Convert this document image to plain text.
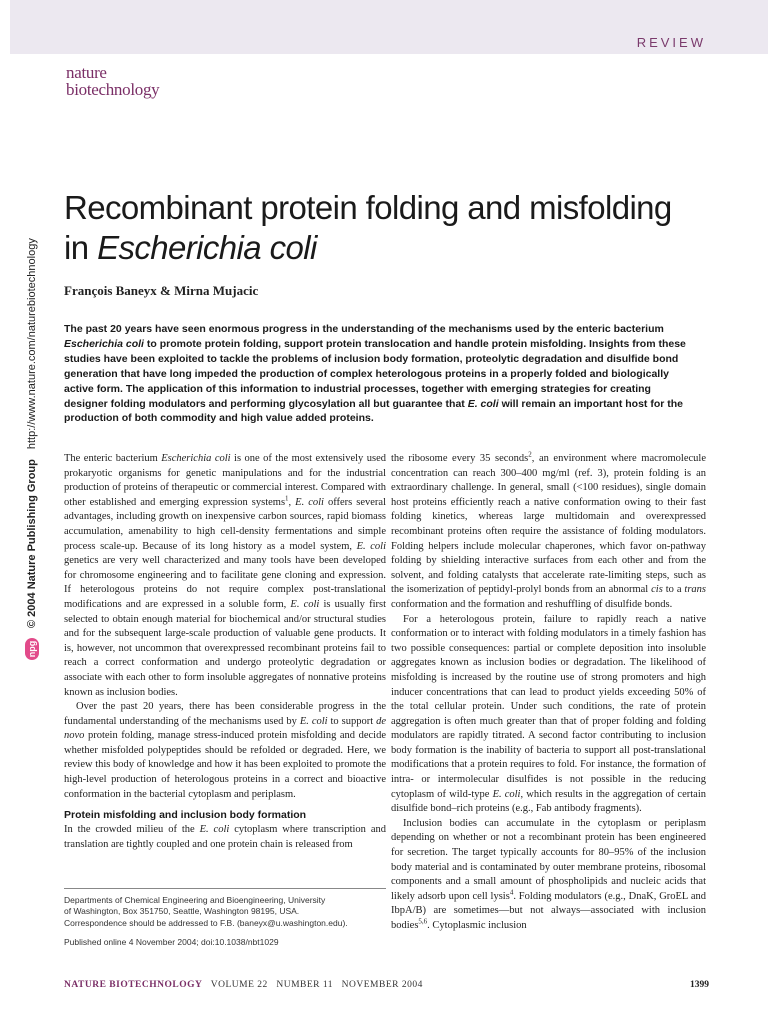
REVIEW
nature
biotechnology
npg
© 2004 Nature Publishing Group
http://www.nature.com/naturebiotechnology
Recombinant protein folding and misfolding
in Escherichia coli
François Baneyx & Mirna Mujacic

The past 20 years have seen enormous progress in the understanding of the mechanisms used by the enteric bacterium Escherichia coli to promote protein folding, support protein translocation and handle protein misfolding. Insights from these studies have been exploited to tackle the problems of inclusion body formation, proteolytic degradation and disulfide bond generation that have long impeded the production of complex heterologous proteins in a properly folded and biologically active form. The application of this information to industrial processes, together with emerging strategies for creating designer folding modulators and performing glycosylation all but guarantee that E. coli will remain an important host for the production of both commodity and high value added proteins.

The enteric bacterium Escherichia coli is one of the most extensively used prokaryotic organisms for genetic manipulations and for the industrial production of proteins of therapeutic or commercial interest. Compared with other established and emerging expression systems$^1$, E. coli offers several advantages, including growth on inexpensive carbon sources, rapid biomass accumulation, amenability to high cell-density fermentations and simple process scale-up. Because of its long history as a model system, E. coli genetics are very well characterized and many tools have been developed for chromosome engineering and to facilitate gene cloning and expression. If heterologous proteins do not require complex post-translational modifications and are expressed in a soluble form, E. coli is usually first selected to obtain enough material for biochemical and/or structural studies and for the subsequent large-scale production of valuable gene products. It is, however, not uncommon that overexpressed recombinant proteins fail to reach a correct conformation and undergo proteolytic degradation or associate with each other to form insoluble aggregates of nonnative proteins known as inclusion bodies.

Over the past 20 years, there has been considerable progress in the fundamental understanding of the mechanisms used by E. coli to support de novo protein folding, manage stress-induced protein misfolding and decide whether misfolded polypeptides should be refolded or degraded. Here, we review this body of knowledge and how it has been exploited to promote the high-level production of heterologous proteins in a correct and bioactive conformation in the bacterial cytoplasm and periplasm.

Protein misfolding and inclusion body formation

In the crowded milieu of the E. coli cytoplasm where transcription and translation are tightly coupled and one protein chain is released from

the ribosome every 35 seconds$^2$, an environment where macromolecule concentration can reach 300–400 mg/ml (ref. 3), protein folding is an extraordinary challenge. In general, small (<100 residues), single domain host proteins efficiently reach a native conformation owing to their fast folding kinetics, whereas large multidomain and overexpressed recombinant proteins often require the assistance of folding modulators. Folding helpers include molecular chaperones, which favor on-pathway folding by shielding interactive surfaces from each other and from the solvent, and folding catalysts that accelerate rate-limiting steps, such as the isomerization of peptidyl-prolyl bonds from an abnormal cis to a trans conformation and the formation and reshuffling of disulfide bonds.

For a heterologous protein, failure to rapidly reach a native conformation or to interact with folding modulators in a timely fashion has two possible consequences: partial or complete deposition into insoluble aggregates known as inclusion bodies or degradation. The likelihood of misfolding is increased by the routine use of strong promoters and high inducer concentrations that can lead to product yields exceeding 50% of the total cellular protein. Under such conditions, the rate of protein aggregation is often much greater than that of proper folding and folding modulators are rapidly titrated. A second factor contributing to inclusion body formation is the inability of bacteria to support all post-translational modifications that a protein requires to fold. For instance, the formation of intra- or intermolecular disulfides is not possible in the reducing cytoplasm of wild-type E. coli, which results in the aggregation of certain disulfide bond–rich proteins (e.g., Fab antibody fragments).

Inclusion bodies can accumulate in the cytoplasm or periplasm depending on whether or not a recombinant protein has been engineered for secretion. The target typically accounts for 80–95% of the inclusion body material and is contaminated by outer membrane proteins, ribosomal components and a small amount of phospholipids and nucleic acids that likely adsorb upon cell lysis$^4$. Folding modulators (e.g., DnaK, GroEL and IbpA/B) are sometimes—but not always—associated with inclusion bodies$^{5,6}$. Cytoplasmic inclusion

Departments of Chemical Engineering and Bioengineering, University
of Washington, Box 351750, Seattle, Washington 98195, USA.
Correspondence should be addressed to F.B. (baneyx@u.washington.edu).
Published online 4 November 2004; doi:10.1038/nbt1029
NATURE BIOTECHNOLOGY VOLUME 22   NUMBER 11   NOVEMBER 2004	1399
